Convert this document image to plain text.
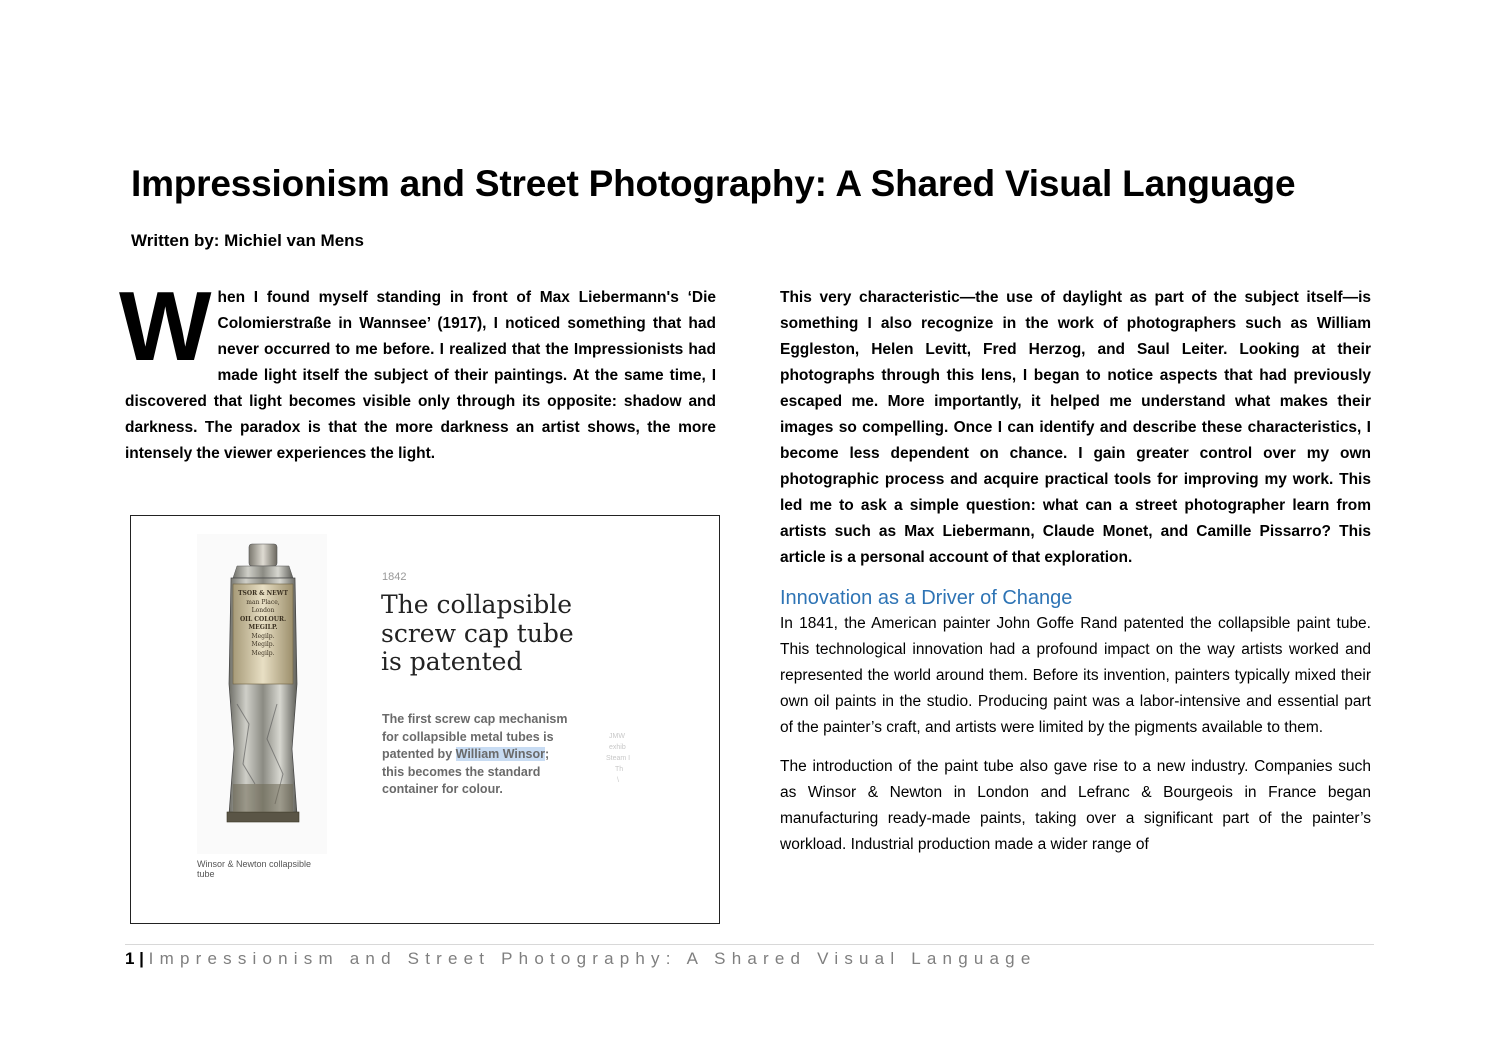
Impressionism and Street Photography: A Shared Visual Language
Written by: Michiel van Mens
W hen I found myself standing in front of Max Liebermann's ‘Die Colomierstraße in Wannsee’ (1917), I noticed something that had never occurred to me before. I realized that the Impressionists had made light itself the subject of their paintings. At the same time, I discovered that light becomes visible only through its opposite: shadow and darkness. The paradox is that the more darkness an artist shows, the more intensely the viewer experiences the light.

TSOR & NEWT
man Place, London
OIL COLOUR.
MEGILP.
Megilp.
Megilp.
Megilp.
Winsor & Newton collapsible tube
1842
The collapsible screw cap tube is patented
The first screw cap mechanism for collapsible metal tubes is patented by William Winsor; this becomes the standard container for colour.
JMW
exhib
Steam I
Th
\

This very characteristic—the use of daylight as part of the subject itself—is something I also recognize in the work of photographers such as William Eggleston, Helen Levitt, Fred Herzog, and Saul Leiter. Looking at their photographs through this lens, I began to notice aspects that had previously escaped me. More importantly, it helped me understand what makes their images so compelling. Once I can identify and describe these characteristics, I become less dependent on chance. I gain greater control over my own photographic process and acquire practical tools for improving my work. This led me to ask a simple question: what can a street photographer learn from artists such as Max Liebermann, Claude Monet, and Camille Pissarro? This article is a personal account of that exploration.

Innovation as a Driver of Change

In 1841, the American painter John Goffe Rand patented the collapsible paint tube. This technological innovation had a profound impact on the way artists worked and represented the world around them. Before its invention, painters typically mixed their own oil paints in the studio. Producing paint was a labor-intensive and essential part of the painter’s craft, and artists were limited by the pigments available to them.

The introduction of the paint tube also gave rise to a new industry. Companies such as Winsor & Newton in London and Lefranc & Bourgeois in France began manufacturing ready-made paints, taking over a significant part of the painter’s workload. Industrial production made a wider range of

1 | Impressionism and Street Photography: A Shared Visual Language
